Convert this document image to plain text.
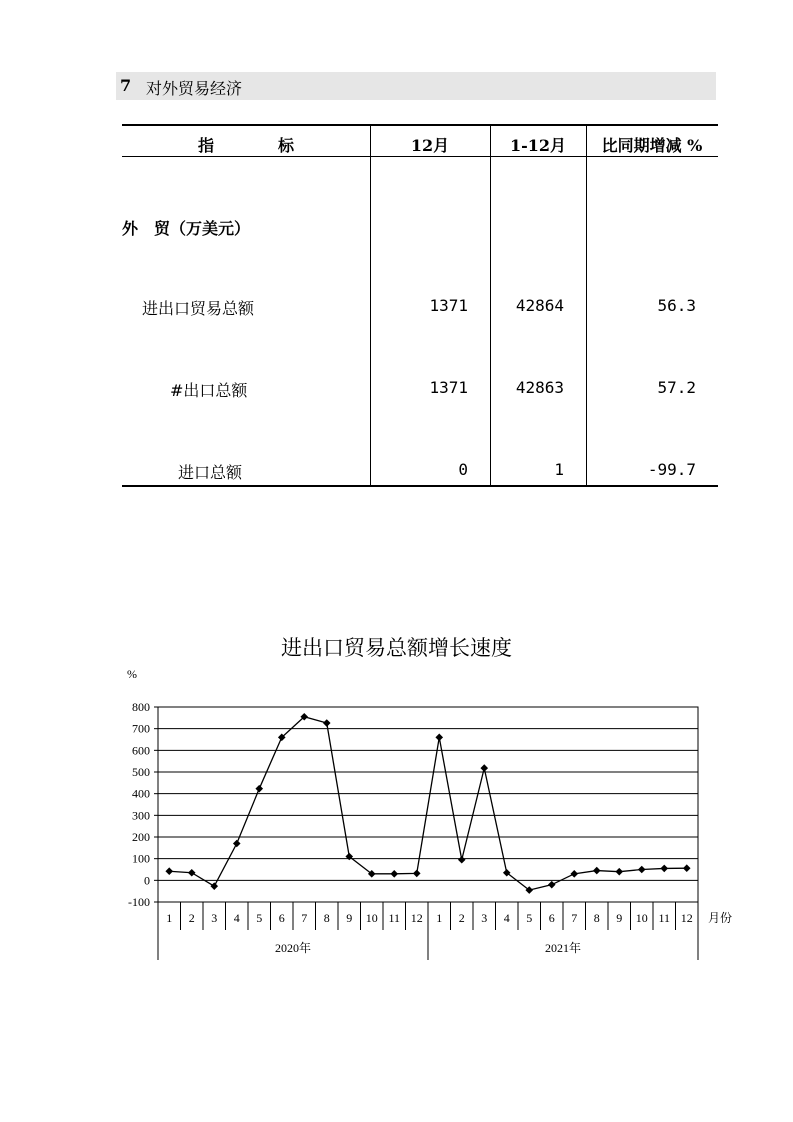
7 对外贸易经济
指　　　　标	12月	1-12月	比同期增减 %
外　贸（万美元）
进出口贸易总额	1371	42864	56.3
#出口总额	1371	42863	57.2
进口总额	0	1	-99.7
进出口贸易总额增长速度
800
700
600
500
400
300
200
100
0
-100
%
1 2 3 4 5 6 7 8 9 10 11 12 1 2 3 4 5 6 7 8 9 10 11 12
2020年	2021年
月份
